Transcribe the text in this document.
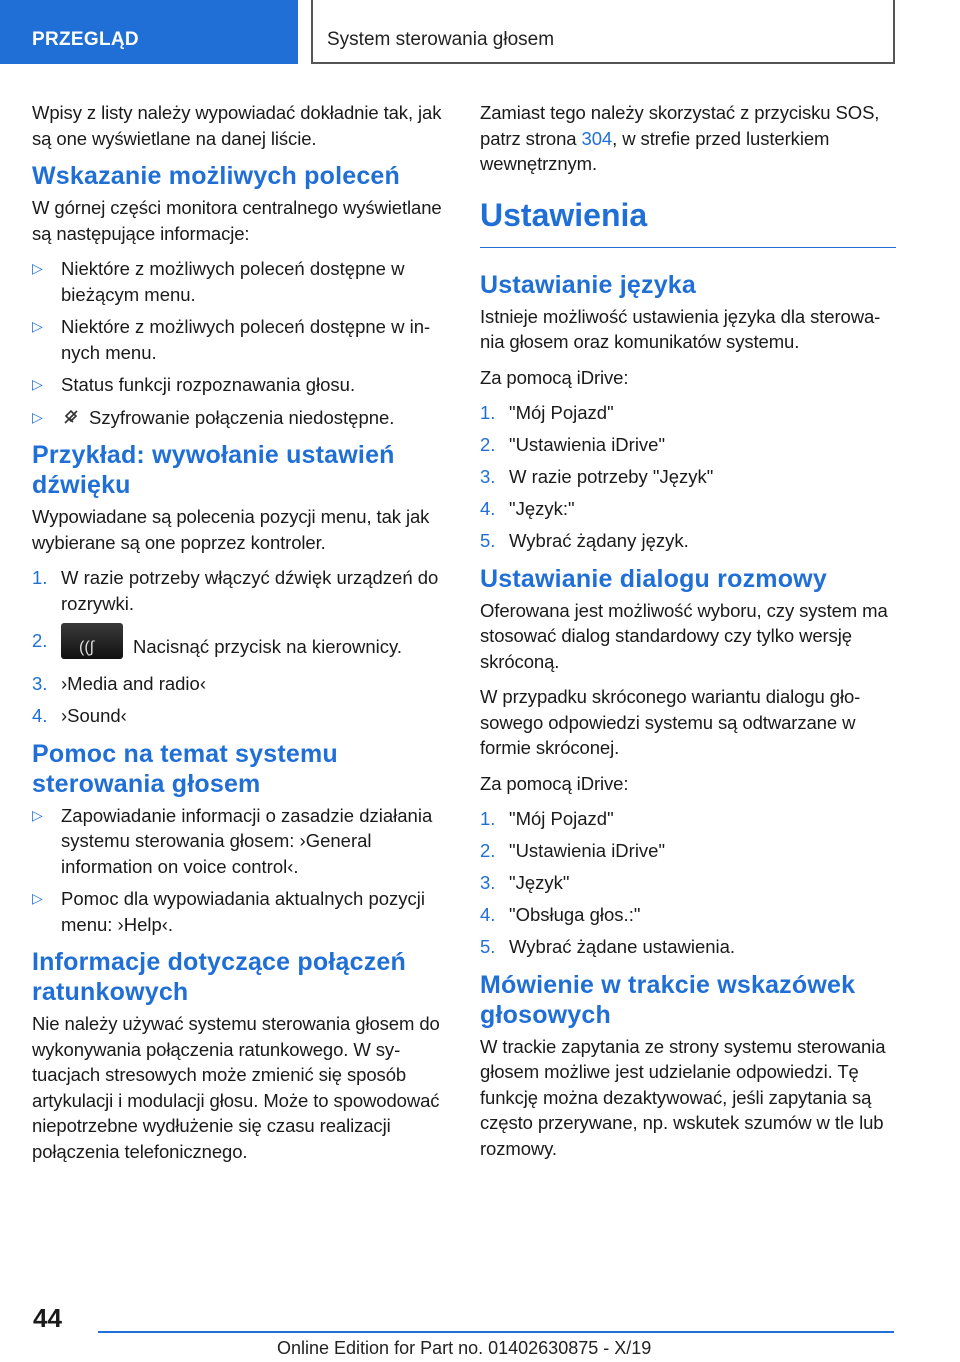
PRZEGLĄD	System sterowania głosem

Wpisy z listy należy wypowiadać dokładnie tak, jak są one wyświetlane na danej liście.

Wskazanie możliwych poleceń

W górnej części monitora centralnego wyświetlane są następujące informacje:

▷ Niektóre z możliwych poleceń dostępne w bieżącym menu.
▷ Niektóre z możliwych poleceń dostępne w innych menu.
▷ Status funkcji rozpoznawania głosu.
▷ Szyfrowanie połączenia niedostępne.
Przykład: wywołanie ustawień dźwięku

Wypowiadane są polecenia pozycji menu, tak jak wybierane są one poprzez kontroler.

1. W razie potrzeby włączyć dźwięk urządzeń do rozrywki.
2. ((∫ Nacisnąć przycisk na kierownicy.
3. ›Media and radio‹
4. ›Sound‹
Pomoc na temat systemu sterowania głosem
▷ Zapowiadanie informacji o zasadzie działania systemu sterowania głosem: ›General information on voice control‹.
▷ Pomoc dla wypowiadania aktualnych pozycji menu: ›Help‹.
Informacje dotyczące połączeń ratunkowych

Nie należy używać systemu sterowania głosem do wykonywania połączenia ratunkowego. W sytuacjach stresowych może zmienić się sposób artykulacji i modulacji głosu. Może to spowodować niepotrzebne wydłużenie się czasu realizacji połączenia telefonicznego.

Zamiast tego należy skorzystać z przycisku SOS, patrz strona 304, w strefie przed lusterkiem wewnętrznym.

Ustawienia
Ustawianie języka

Istnieje możliwość ustawienia języka dla sterowania głosem oraz komunikatów systemu.

Za pomocą iDrive:

1. "Mój Pojazd"
2. "Ustawienia iDrive"
3. W razie potrzeby "Język"
4. "Język:"
5. Wybrać żądany język.
Ustawianie dialogu rozmowy

Oferowana jest możliwość wyboru, czy system ma stosować dialog standardowy czy tylko wersję skróconą.

W przypadku skróconego wariantu dialogu głosowego odpowiedzi systemu są odtwarzane w formie skróconej.

Za pomocą iDrive:

1. "Mój Pojazd"
2. "Ustawienia iDrive"
3. "Język"
4. "Obsługa głos.:"
5. Wybrać żądane ustawienia.
Mówienie w trakcie wskazówek głosowych

W trackie zapytania ze strony systemu sterowania głosem możliwe jest udzielanie odpowiedzi. Tę funkcję można dezaktywować, jeśli zapytania są często przerywane, np. wskutek szumów w tle lub rozmowy.

44
Online Edition for Part no. 01402630875 - X/19
